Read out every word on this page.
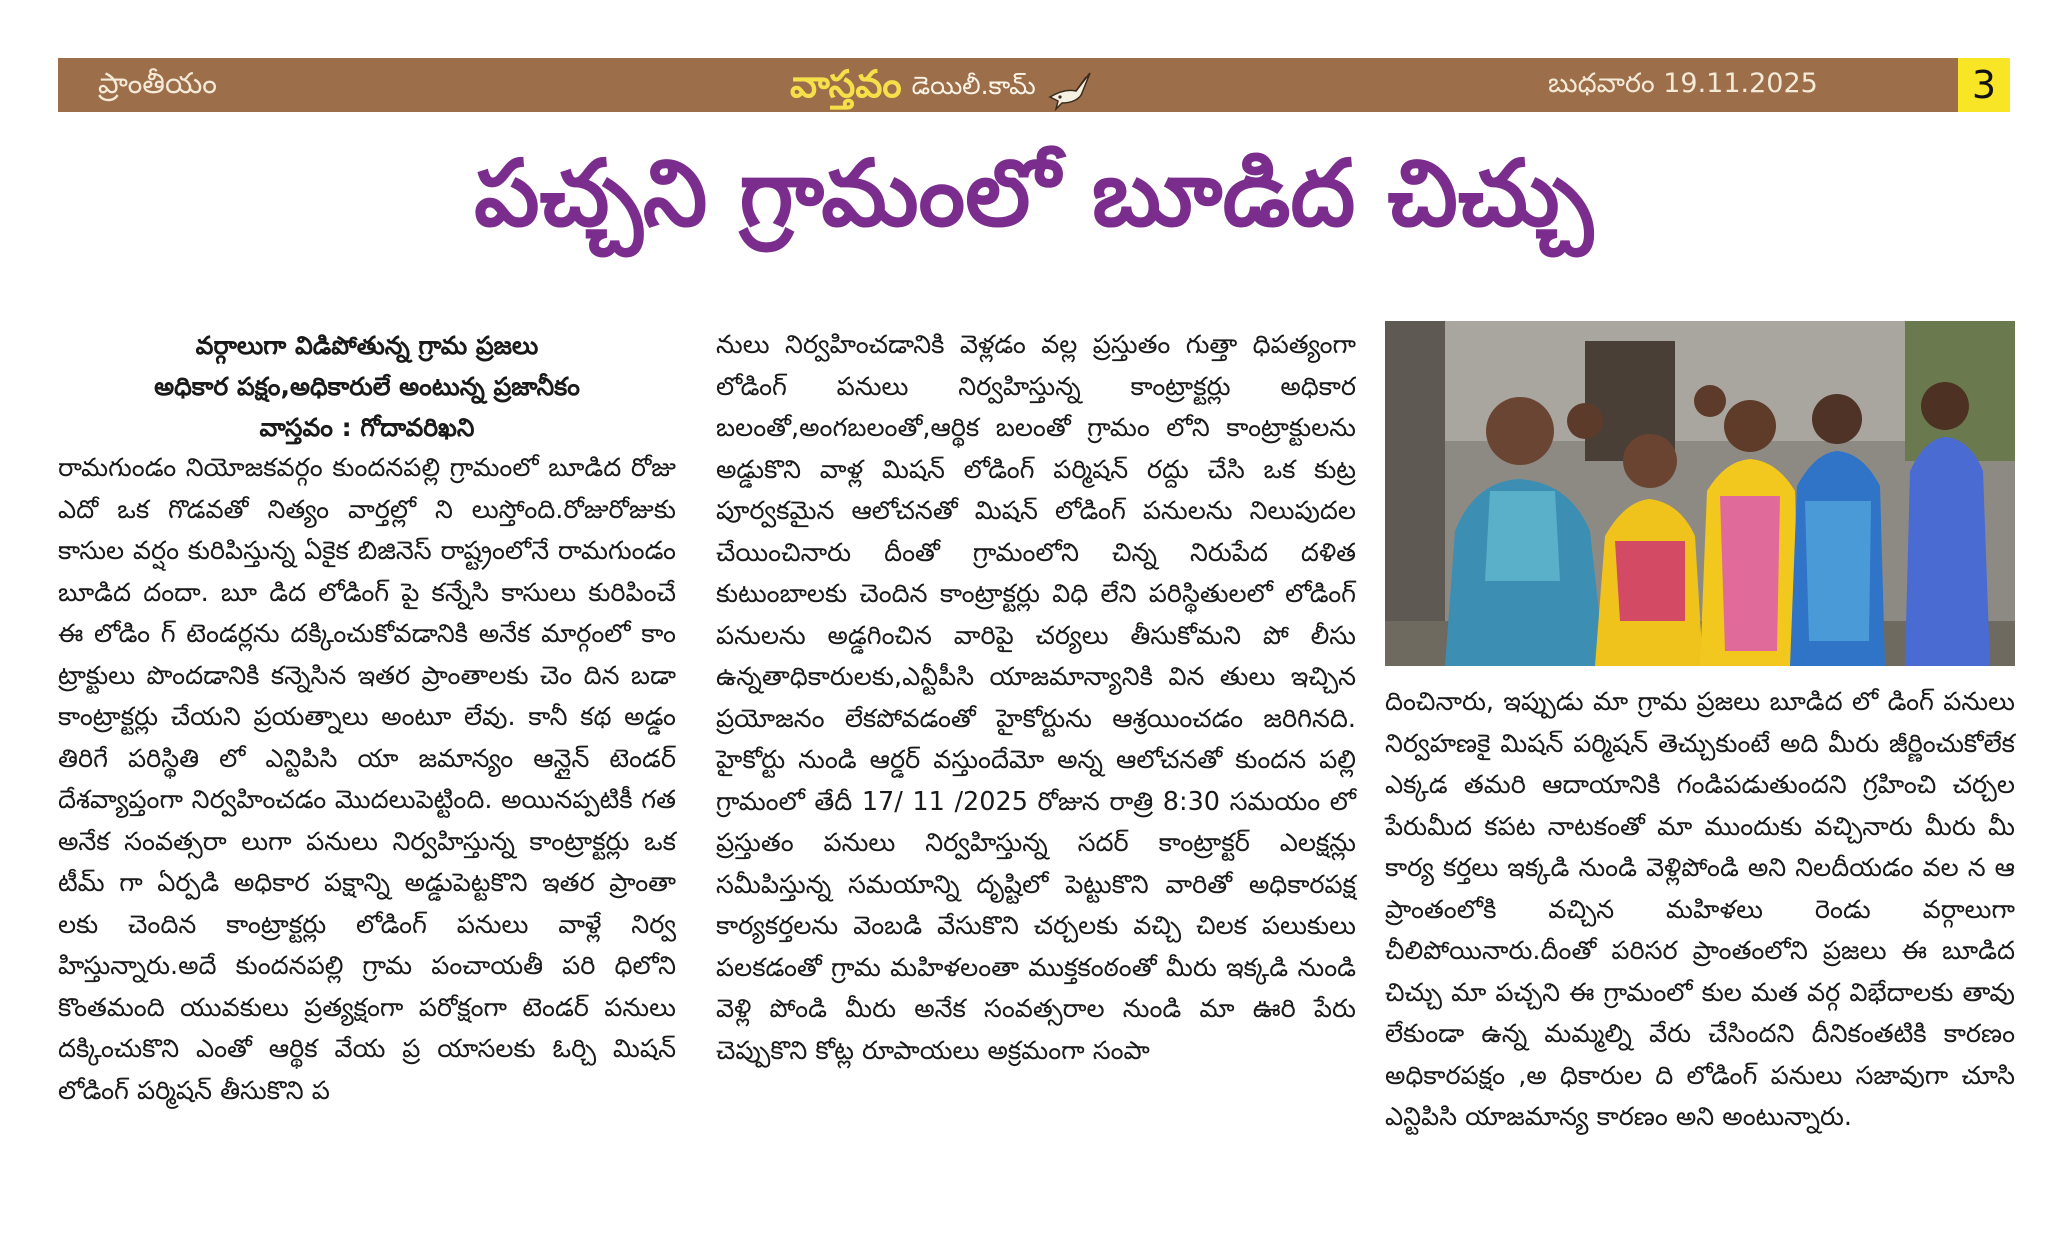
ప్రాంతీయం	వాస్తవం డెయిలీ.కామ్	బుధవారం 19.11.2025	3
పచ్చని గ్రామంలో బూడిద చిచ్చు
వర్గాలుగా విడిపోతున్న గ్రామ ప్రజలు
అధికార పక్షం,అధికారులే అంటున్న ప్రజానీకం
వాస్తవం : గోదావరిఖని

రామగుండం నియోజకవర్గం కుందనపల్లి గ్రామంలో బూడిద రోజు ఎదో ఒక గొడవతో నిత్యం వార్తల్లో ని లుస్తోంది.రోజురోజుకు కాసుల వర్షం కురిపిస్తున్న ఏకైక బిజినెస్ రాష్ట్రంలోనే రామగుండం బూడిద దందా. బూ డిద లోడింగ్ పై కన్నేసి కాసులు కురిపించే ఈ లోడిం గ్ టెండర్లను దక్కించుకోవడానికి అనేక మార్గంలో కాం ట్రాక్టులు పొందడానికి కన్నెసిన ఇతర ప్రాంతాలకు చెం దిన బడా కాంట్రాక్టర్లు చేయని ప్రయత్నాలు అంటూ లేవు. కానీ కథ అడ్డం తిరిగే పరిస్థితి లో ఎన్టిపిసి యా జమాన్యం ఆన్లైన్ టెండర్ దేశవ్యాప్తంగా నిర్వహించడం మొదలుపెట్టింది. అయినప్పటికీ గత అనేక సంవత్సరా లుగా పనులు నిర్వహిస్తున్న కాంట్రాక్టర్లు ఒక టీమ్ గా ఏర్పడి అధికార పక్షాన్ని అడ్డుపెట్టకొని ఇతర ప్రాంతా లకు చెందిన కాంట్రాక్టర్లు లోడింగ్ పనులు వాళ్లే నిర్వ హిస్తున్నారు.అదే కుందనపల్లి గ్రామ పంచాయతీ పరి ధిలోని కొంతమంది యువకులు ప్రత్యక్షంగా పరోక్షంగా టెండర్ పనులు దక్కించుకొని ఎంతో ఆర్థిక వేయ ప్ర యాసలకు ఓర్చి మిషన్ లోడింగ్ పర్మిషన్ తీసుకొని ప

నులు నిర్వహించడానికి వెళ్లడం వల్ల ప్రస్తుతం గుత్తా ధిపత్యంగా లోడింగ్ పనులు నిర్వహిస్తున్న కాంట్రాక్టర్లు అధికార బలంతో,అంగబలంతో,ఆర్థిక బలంతో గ్రామం లోని కాంట్రాక్టులను అడ్డుకొని వాళ్ల మిషన్ లోడింగ్ పర్మిషన్ రద్దు చేసి ఒక కుట్ర పూర్వకమైన ఆలోచనతో మిషన్ లోడింగ్ పనులను నిలుపుదల చేయించినారు దీంతో గ్రామంలోని చిన్న నిరుపేద దళిత కుటుంబాలకు చెందిన కాంట్రాక్టర్లు విధి లేని పరిస్థితులలో లోడింగ్ పనులను అడ్డగించిన వారిపై చర్యలు తీసుకోమని పో లీసు ఉన్నతాధికారులకు,ఎన్టీపీసి యాజమాన్యానికి విన తులు ఇచ్చిన ప్రయోజనం లేకపోవడంతో హైకోర్టును ఆశ్రయించడం జరిగినది. హైకోర్టు నుండి ఆర్డర్ వస్తుందేమో అన్న ఆలోచనతో కుందన పల్లి గ్రామంలో తేదీ 17/ 11 /2025 రోజున రాత్రి 8:30 సమయం లో ప్రస్తుతం పనులు నిర్వహిస్తున్న సదర్ కాంట్రాక్టర్ ఎలక్షన్లు సమీపిస్తున్న సమయాన్ని దృష్టిలో పెట్టుకొని వారితో అధికారపక్ష కార్యకర్తలను వెంబడి వేసుకొని చర్చలకు వచ్చి చిలక పలుకులు పలకడంతో గ్రామ మహిళలంతా ముక్తకంఠంతో మీరు ఇక్కడి నుండి వెళ్లి పోండి మీరు అనేక సంవత్సరాల నుండి మా ఊరి పేరు చెప్పుకొని కోట్ల రూపాయలు అక్రమంగా సంపా

దించినారు, ఇప్పుడు మా గ్రామ ప్రజలు బూడిద లో డింగ్ పనులు నిర్వహణకై మిషన్ పర్మిషన్ తెచ్చుకుంటే అది మీరు జీర్ణించుకోలేక ఎక్కడ తమరి ఆదాయానికి గండిపడుతుందని గ్రహించి చర్చల పేరుమీద కపట నాటకంతో మా ముందుకు వచ్చినారు మీరు మీ కార్య కర్తలు ఇక్కడి నుండి వెళ్లిపోండి అని నిలదీయడం వల న ఆ ప్రాంతంలోకి వచ్చిన మహిళలు రెండు వర్గాలుగా చీలిపోయినారు.దీంతో పరిసర ప్రాంతంలోని ప్రజలు ఈ బూడిద చిచ్చు మా పచ్చని ఈ గ్రామంలో కుల మత వర్గ విభేదాలకు తావు లేకుండా ఉన్న మమ్మల్ని వేరు చేసిందని దీనికంతటికి కారణం అధికారపక్షం ,అ ధికారుల ది లోడింగ్ పనులు సజావుగా చూసి ఎన్టిపిసి యాజమాన్య కారణం అని అంటున్నారు.
